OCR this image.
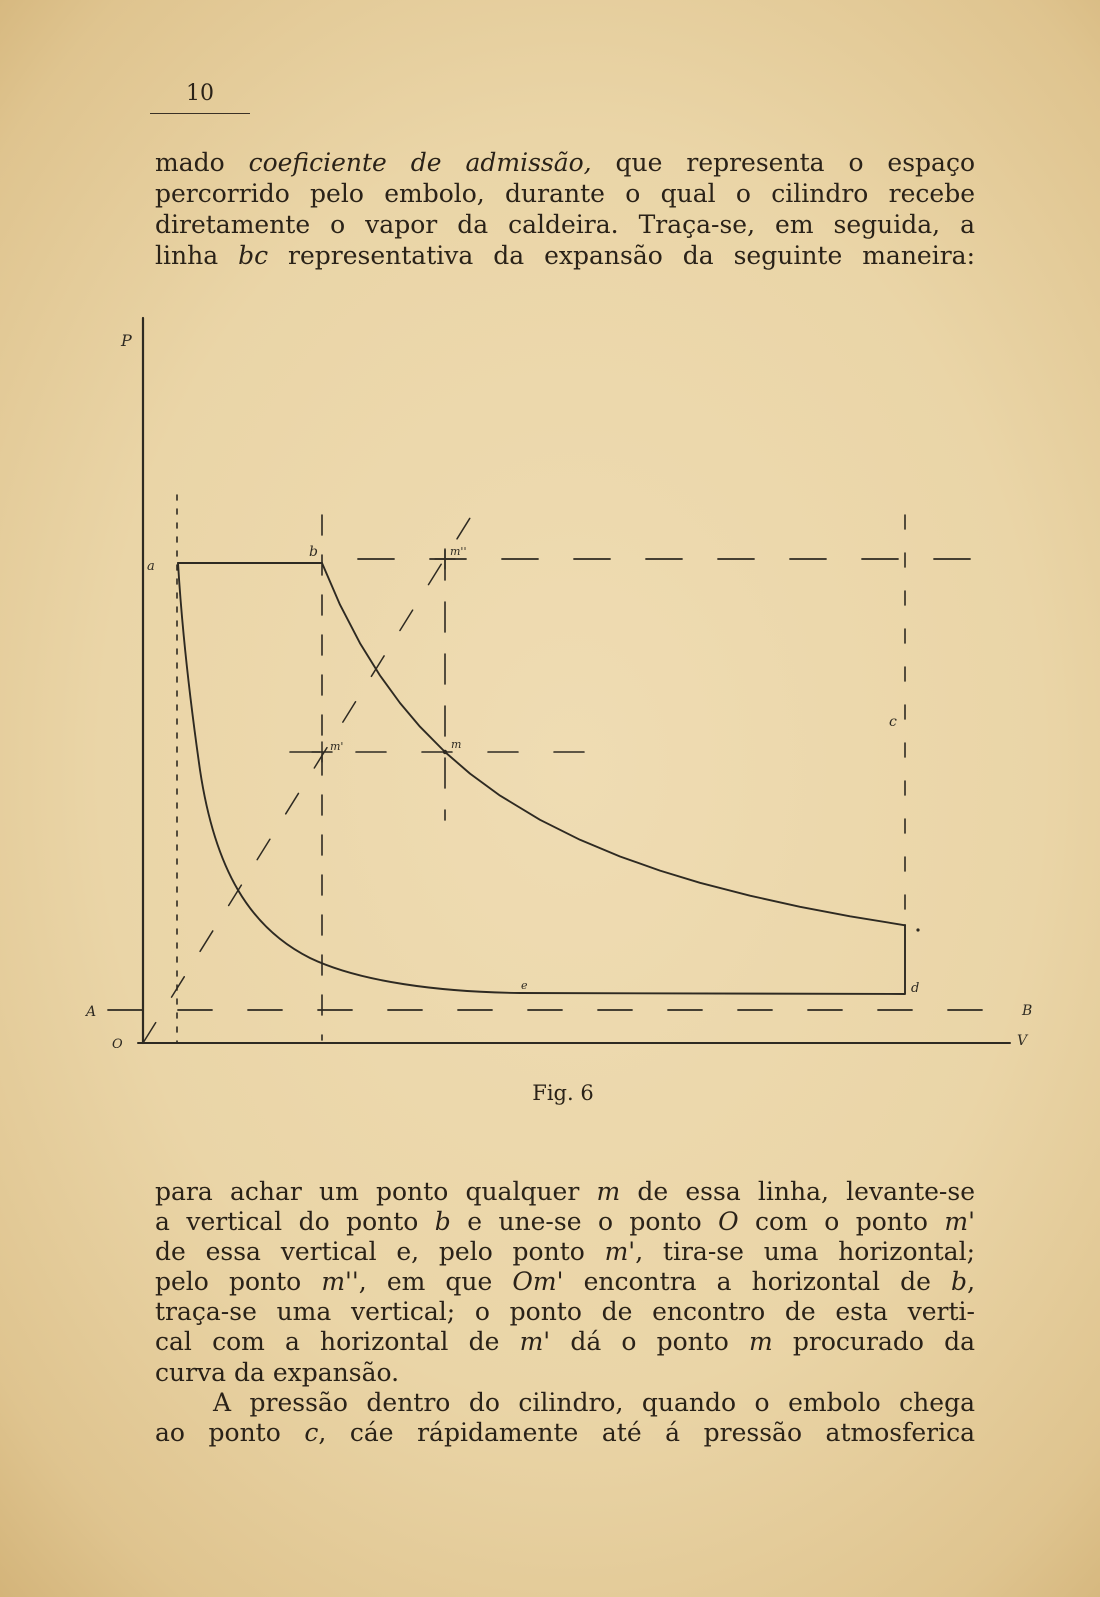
10
mado coeficiente de admissão, que representa o espaço
percorrido pelo embolo, durante o qual o cilindro recebe
diretamente o vapor da caldeira. Traça-se, em seguida, a
linha bc representativa da expansão da seguinte maneira:
P
a
b	m''
m'	m
c
d
e
A	B
O	V
Fig. 6
para achar um ponto qualquer m de essa linha, levante-se
a vertical do ponto b e une-se o ponto O com o ponto m'
de essa vertical e, pelo ponto m', tira-se uma horizontal;
pelo ponto m'', em que Om' encontra a horizontal de b,
traça-se uma vertical; o ponto de encontro de esta verti-
cal com a horizontal de m' dá o ponto m procurado da
curva da expansão.
A pressão dentro do cilindro, quando o embolo chega
ao ponto c, cáe rápidamente até á pressão atmosferica
